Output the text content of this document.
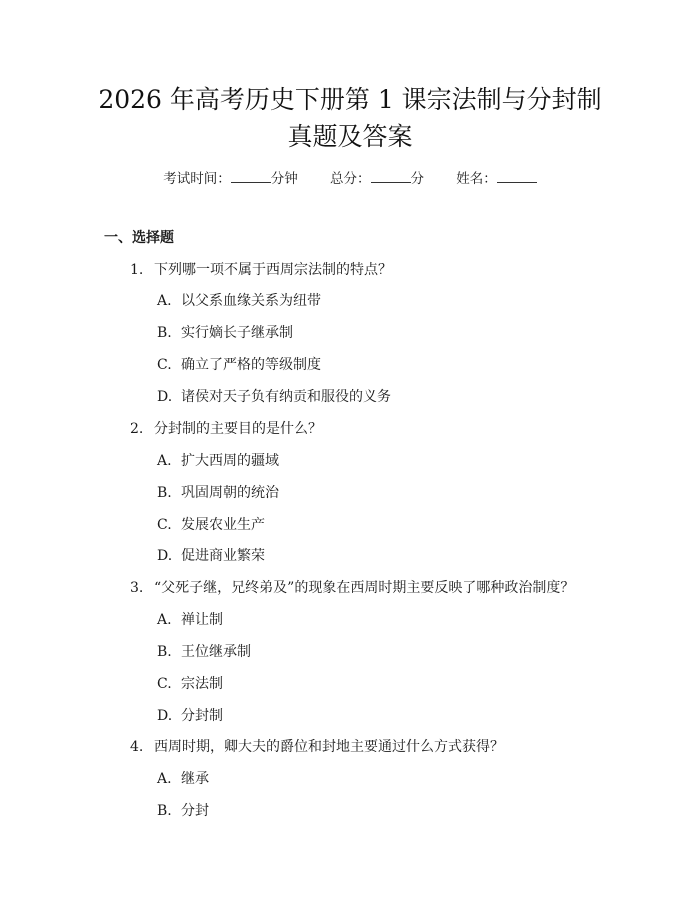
2026 年高考历史下册第 1 课宗法制与分封制
真题及答案
考试时间：	分钟 总分：	分 姓名：
一、选择题
1. 下列哪一项不属于西周宗法制的特点？
A. 以父系血缘关系为纽带
B. 实行嫡长子继承制
C. 确立了严格的等级制度
D. 诸侯对天子负有纳贡和服役的义务
2. 分封制的主要目的是什么？
A. 扩大西周的疆域
B. 巩固周朝的统治
C. 发展农业生产
D. 促进商业繁荣
3. “父死子继，兄终弟及”的现象在西周时期主要反映了哪种政治制度？
A. 禅让制
B. 王位继承制
C. 宗法制
D. 分封制
4. 西周时期，卿大夫的爵位和封地主要通过什么方式获得？
A. 继承
B. 分封
